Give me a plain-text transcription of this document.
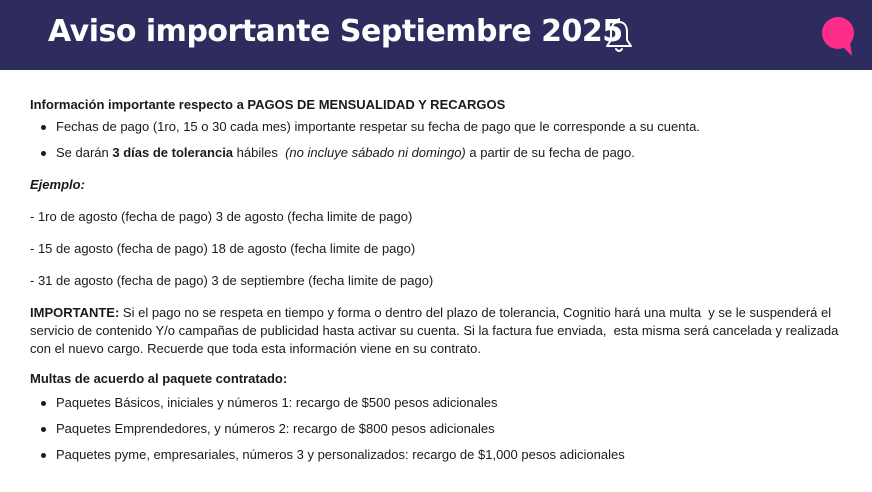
Aviso importante Septiembre 2025
Información importante respecto a PAGOS DE MENSUALIDAD Y RECARGOS
Fechas de pago (1ro, 15 o 30 cada mes) importante respetar su fecha de pago que le corresponde a su cuenta.
Se darán 3 días de tolerancia hábiles  (no incluye sábado ni domingo) a partir de su fecha de pago.
Ejemplo:
- 1ro de agosto (fecha de pago) 3 de agosto (fecha limite de pago)
- 15 de agosto (fecha de pago) 18 de agosto (fecha limite de pago)
- 31 de agosto (fecha de pago) 3 de septiembre (fecha limite de pago)
IMPORTANTE: Si el pago no se respeta en tiempo y forma o dentro del plazo de tolerancia, Cognitio hará una multa  y se le suspenderá el servicio de contenido Y/o campañas de publicidad hasta activar su cuenta. Si la factura fue enviada,  esta misma será cancelada y realizada con el nuevo cargo. Recuerde que toda esta información viene en su contrato.
Multas de acuerdo al paquete contratado:
Paquetes Básicos, iniciales y números 1: recargo de $500 pesos adicionales
Paquetes Emprendedores, y números 2: recargo de $800 pesos adicionales
Paquetes pyme, empresariales, números 3 y personalizados: recargo de $1,000 pesos adicionales
